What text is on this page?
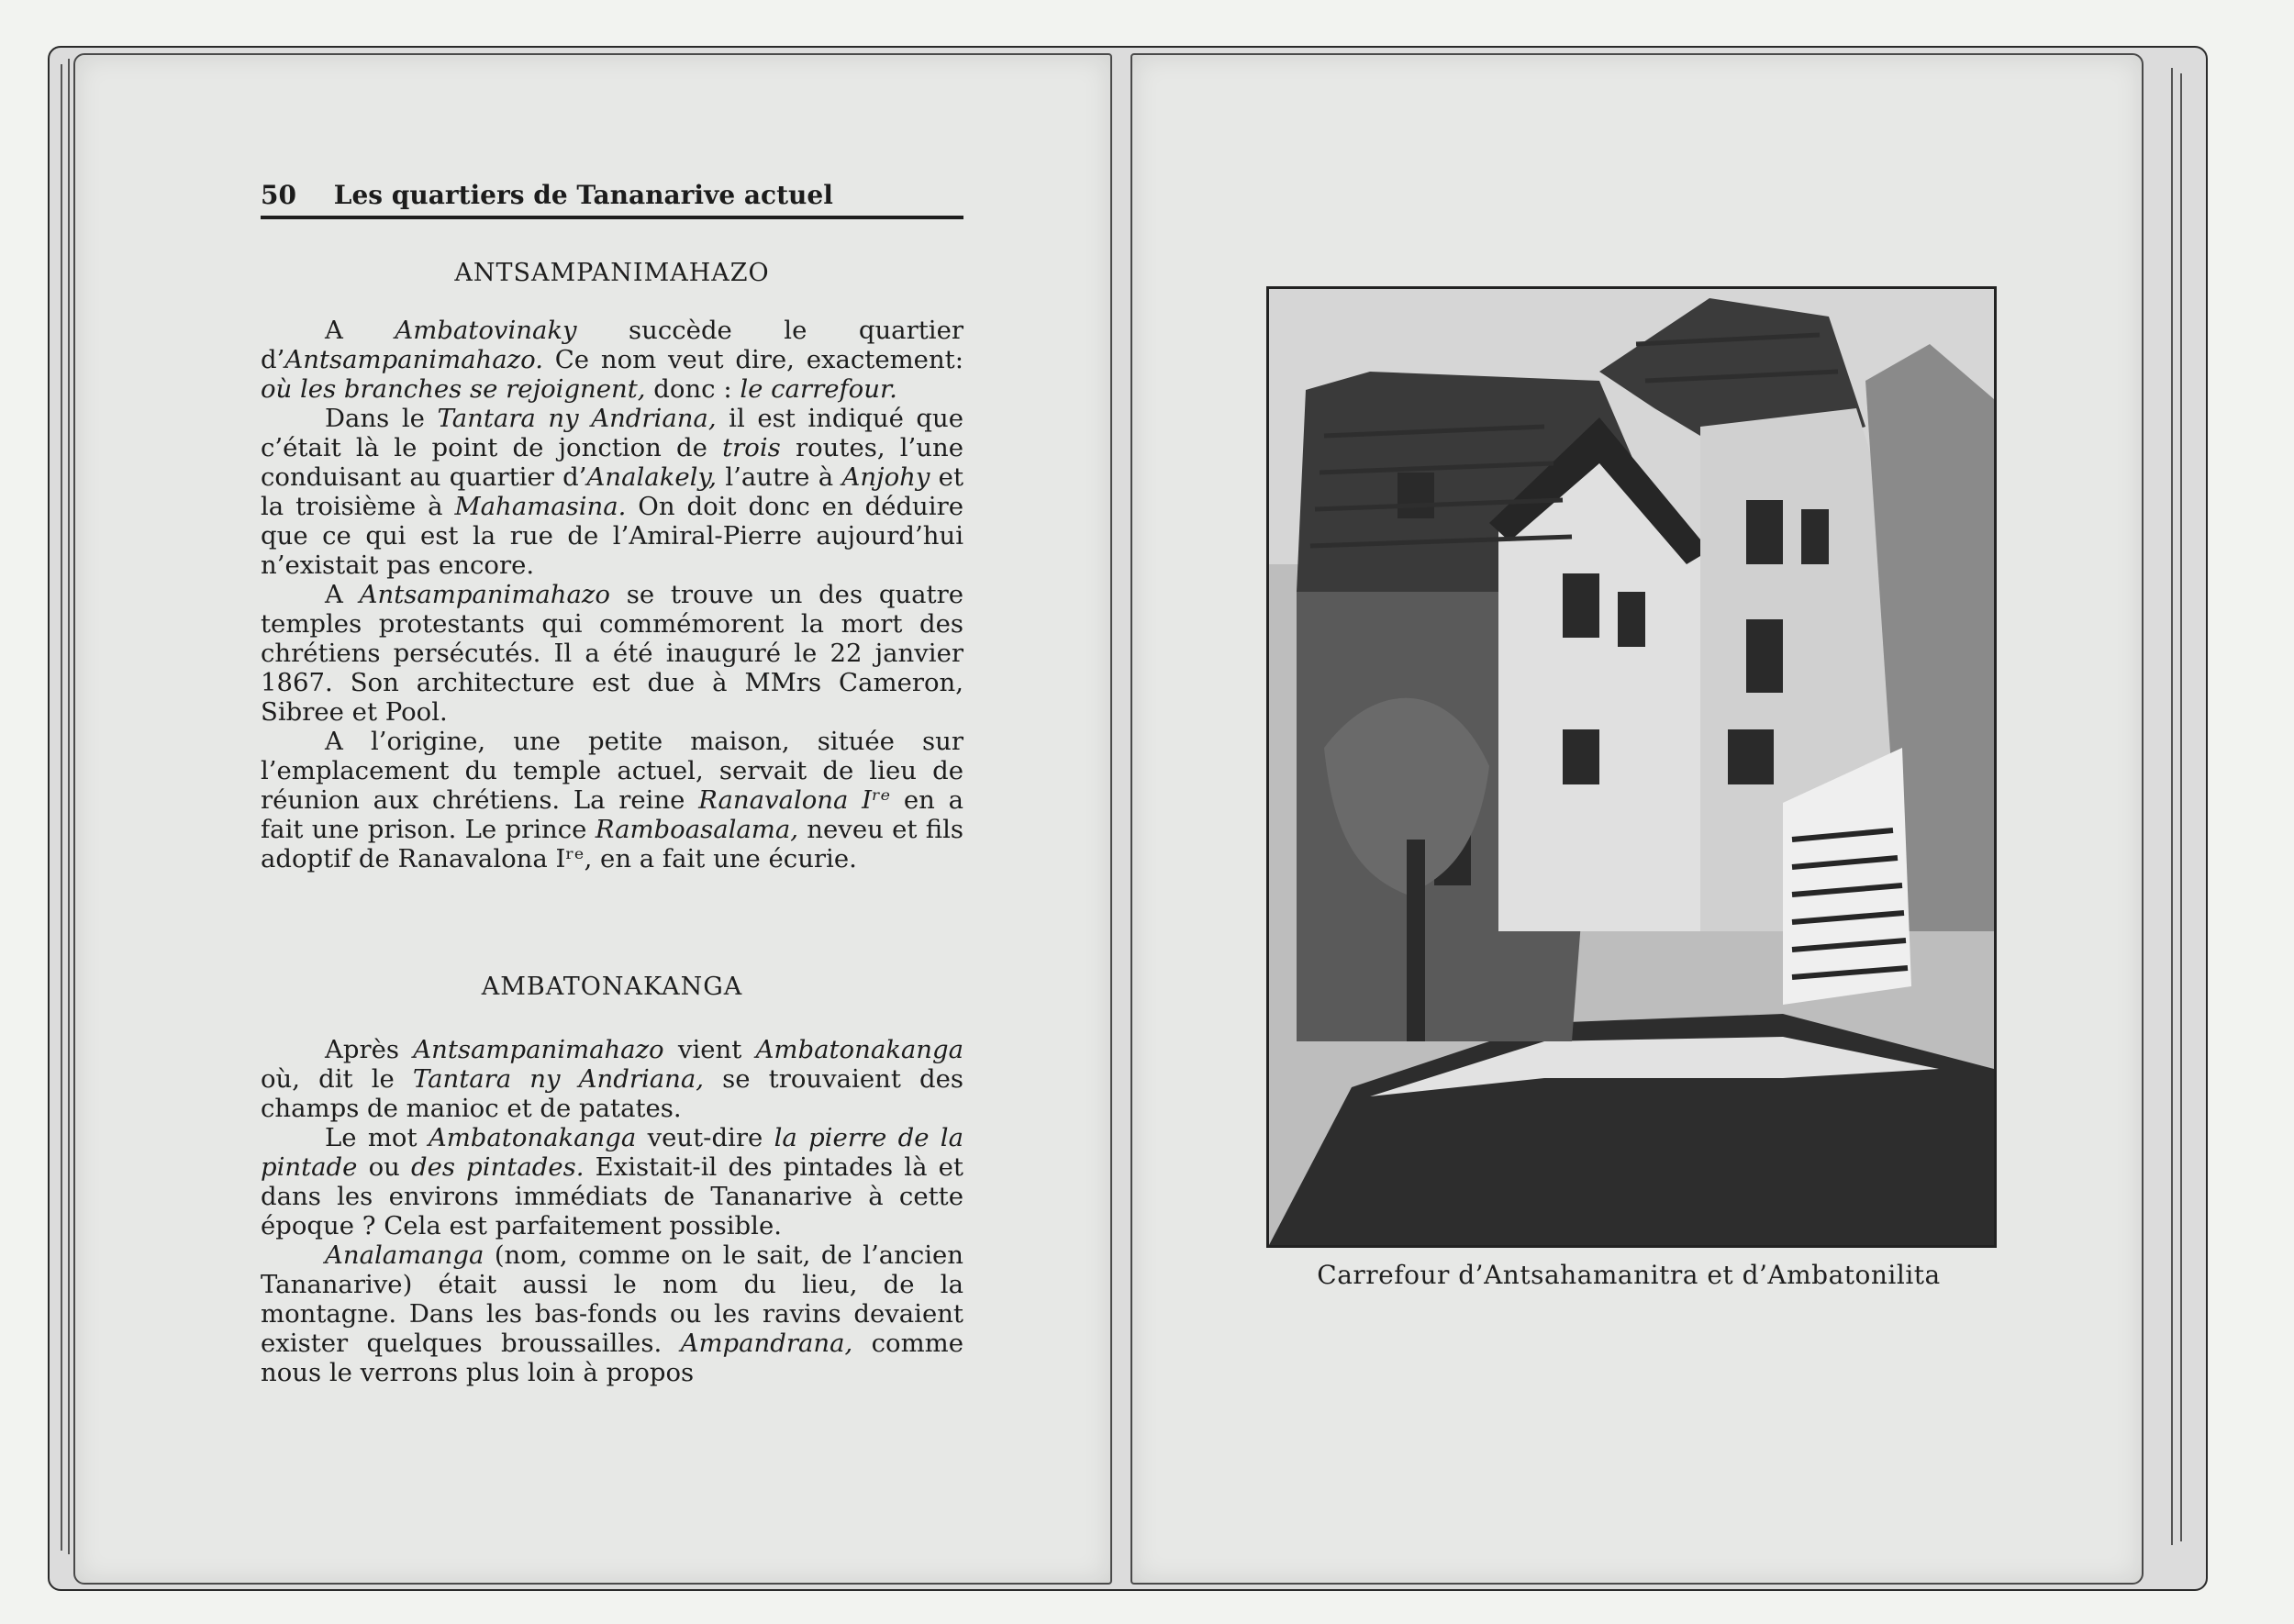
50 Les quartiers de Tananarive actuel
ANTSAMPANIMAHAZO

A Ambatovinaky succède le quartier d’Antsampanimahazo. Ce nom veut dire, exactement: où les branches se rejoignent, donc : le carrefour.

Dans le Tantara ny Andriana, il est indiqué que c’était là le point de jonction de trois routes, l’une conduisant au quartier d’Analakely, l’autre à Anjohy et la troisième à Mahamasina. On doit donc en déduire que ce qui est la rue de l’Amiral-Pierre aujourd’hui n’existait pas encore.

A Antsampanimahazo se trouve un des quatre temples protestants qui commémorent la mort des chrétiens persécutés. Il a été inauguré le 22 janvier 1867. Son architecture est due à MMrs Cameron, Sibree et Pool.

A l’origine, une petite maison, située sur l’emplacement du temple actuel, servait de lieu de réunion aux chrétiens. La reine Ranavalona Iʳᵉ en a fait une prison. Le prince Ramboasalama, neveu et fils adoptif de Ranavalona Iʳᵉ, en a fait une écurie.

AMBATONAKANGA

Après Antsampanimahazo vient Ambatonakanga où, dit le Tantara ny Andriana, se trouvaient des champs de manioc et de patates.

Le mot Ambatonakanga veut-dire la pierre de la pintade ou des pintades. Existait-il des pintades là et dans les environs immédiats de Tananarive à cette époque ? Cela est parfaitement possible.

Analamanga (nom, comme on le sait, de l’ancien Tananarive) était aussi le nom du lieu, de la montagne. Dans les bas-fonds ou les ravins devaient exister quelques broussailles. Ampandrana, comme nous le verrons plus loin à propos

Carrefour d’Antsahamanitra et d’Ambatonilita
